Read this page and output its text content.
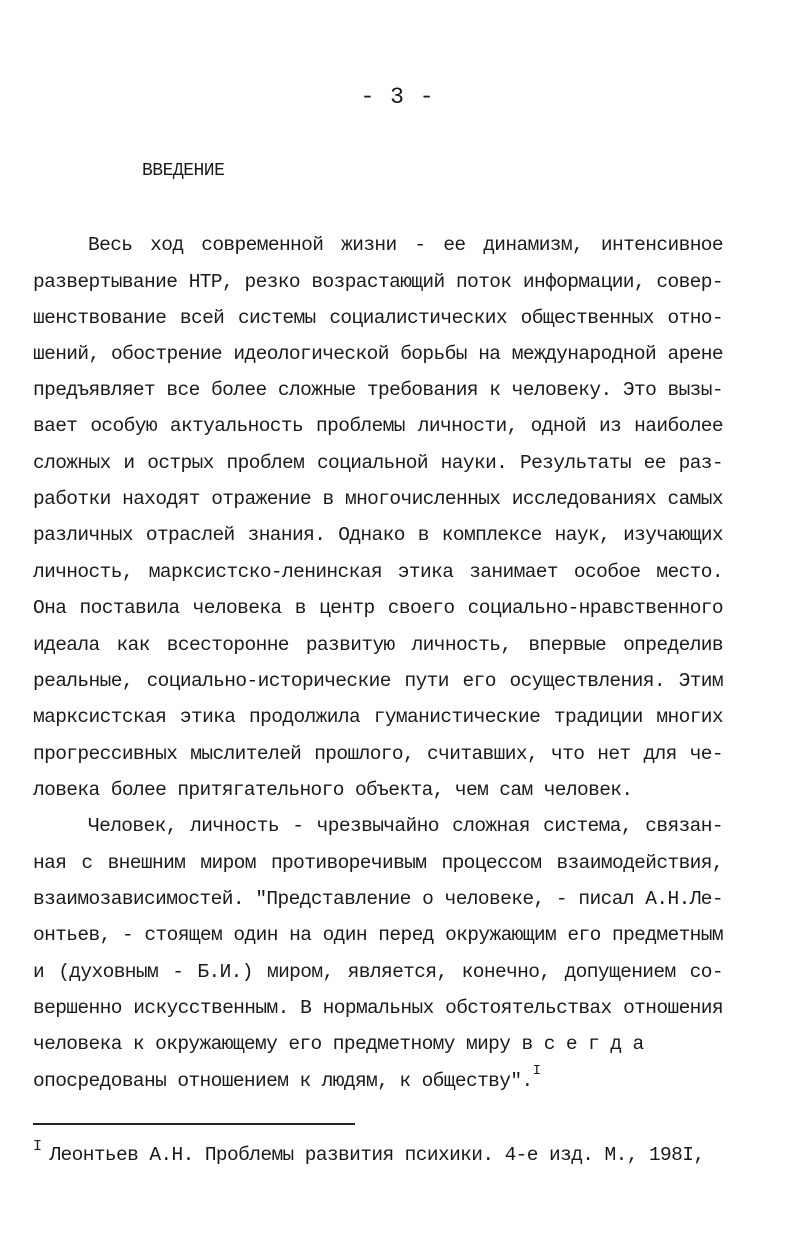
- 3 -
ВВЕДЕНИЕ
Весь ход современной жизни - ее динамизм, интенсивное
развертывание НТР, резко возрастающий поток информации, совер-
шенствование всей системы социалистических общественных отно-
шений, обострение идеологической борьбы на международной арене
предъявляет все более сложные требования к человеку. Это вызы-
вает особую актуальность проблемы личности, одной из наиболее
сложных и острых проблем социальной науки. Результаты ее раз-
работки находят отражение в многочисленных исследованиях самых
различных отраслей знания. Однако в комплексе наук, изучающих
личность, марксистско-ленинская этика занимает особое место.
Она поставила человека в центр своего социально-нравственного
идеала как всесторонне развитую личность, впервые определив
реальные, социально-исторические пути его осуществления. Этим
марксистская этика продолжила гуманистические традиции многих
прогрессивных мыслителей прошлого, считавших, что нет для че-
ловека более притягательного объекта, чем сам человек.
Человек, личность - чрезвычайно сложная система, связан-
ная с внешним миром противоречивым процессом взаимодействия,
взаимозависимостей. "Представление о человеке, - писал А.Н.Ле-
онтьев, - стоящем один на один перед окружающим его предметным
и (духовным - Б.И.) миром, является, конечно, допущением со-
вершенно искусственным. В нормальных обстоятельствах отношения
человека к окружающему его предметному миру в с е г д а
опосредованы отношением к людям, к обществу".$^I$
$^I$ Леонтьев А.Н. Проблемы развития психики. 4-е изд. М., 198I,
